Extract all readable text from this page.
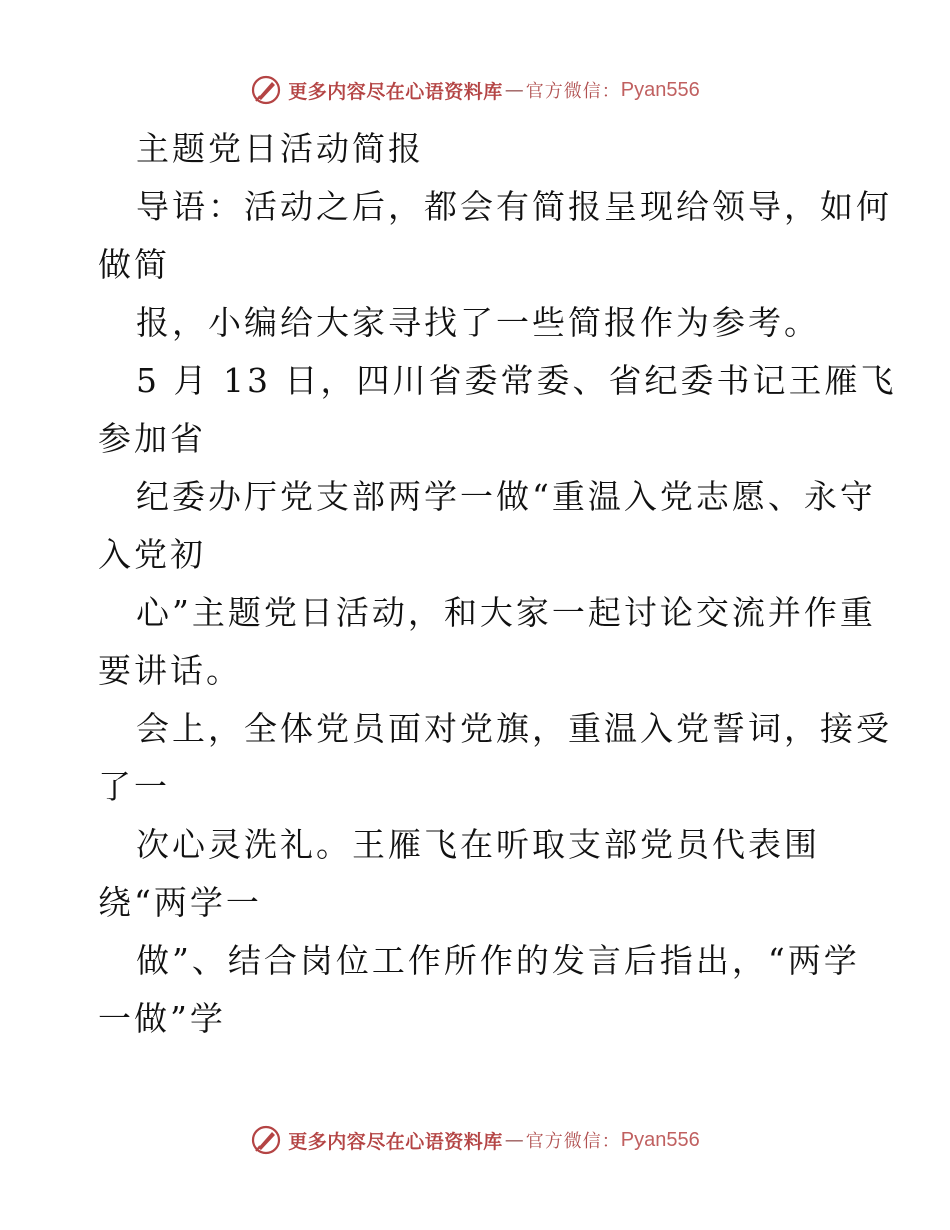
更多内容尽在心语资料库 — 官方微信： Pyan556
主题党日活动简报
导语：活动之后，都会有简报呈现给领导，如何
做简
报，小编给大家寻找了一些简报作为参考。
5 月 13 日，四川省委常委、省纪委书记王雁飞
参加省
纪委办厅党支部两学一做“重温入党志愿、永守
入党初
心”主题党日活动，和大家一起讨论交流并作重
要讲话。
会上，全体党员面对党旗，重温入党誓词，接受
了一
次心灵洗礼。王雁飞在听取支部党员代表围
绕“两学一
做”、结合岗位工作所作的发言后指出，“两学
一做”学
更多内容尽在心语资料库 — 官方微信： Pyan556
